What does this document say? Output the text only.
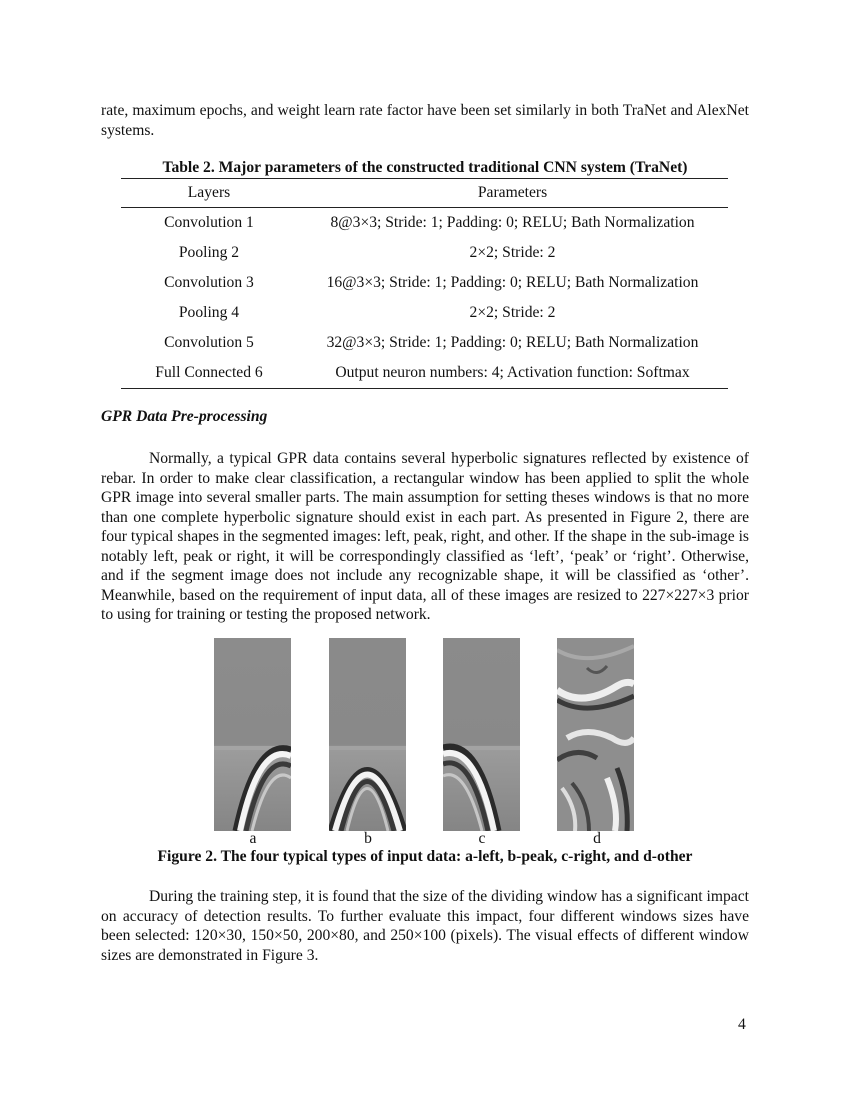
rate, maximum epochs, and weight learn rate factor have been set similarly in both TraNet and AlexNet systems.

Table 2. Major parameters of the constructed traditional CNN system (TraNet)
Layers	Parameters
Convolution 1	8@3×3; Stride: 1; Padding: 0; RELU; Bath Normalization
Pooling 2	2×2; Stride: 2
Convolution 3	16@3×3; Stride: 1; Padding: 0; RELU; Bath Normalization
Pooling 4	2×2; Stride: 2
Convolution 5	32@3×3; Stride: 1; Padding: 0; RELU; Bath Normalization
Full Connected 6	Output neuron numbers: 4; Activation function: Softmax
GPR Data Pre-processing

Normally, a typical GPR data contains several hyperbolic signatures reflected by existence of rebar. In order to make clear classification, a rectangular window has been applied to split the whole GPR image into several smaller parts. The main assumption for setting theses windows is that no more than one complete hyperbolic signature should exist in each part. As presented in Figure 2, there are four typical shapes in the segmented images: left, peak, right, and other. If the shape in the sub-image is notably left, peak or right, it will be correspondingly classified as ‘left’, ‘peak’ or ‘right’. Otherwise, and if the segment image does not include any recognizable shape, it will be classified as ‘other’. Meanwhile, based on the requirement of input data, all of these images are resized to 227×227×3 prior to using for training or testing the proposed network.

a	b	c	d
Figure 2. The four typical types of input data: a-left, b-peak, c-right, and d-other

During the training step, it is found that the size of the dividing window has a significant impact on accuracy of detection results. To further evaluate this impact, four different windows sizes have been selected: 120×30, 150×50, 200×80, and 250×100 (pixels). The visual effects of different window sizes are demonstrated in Figure 3.

4
